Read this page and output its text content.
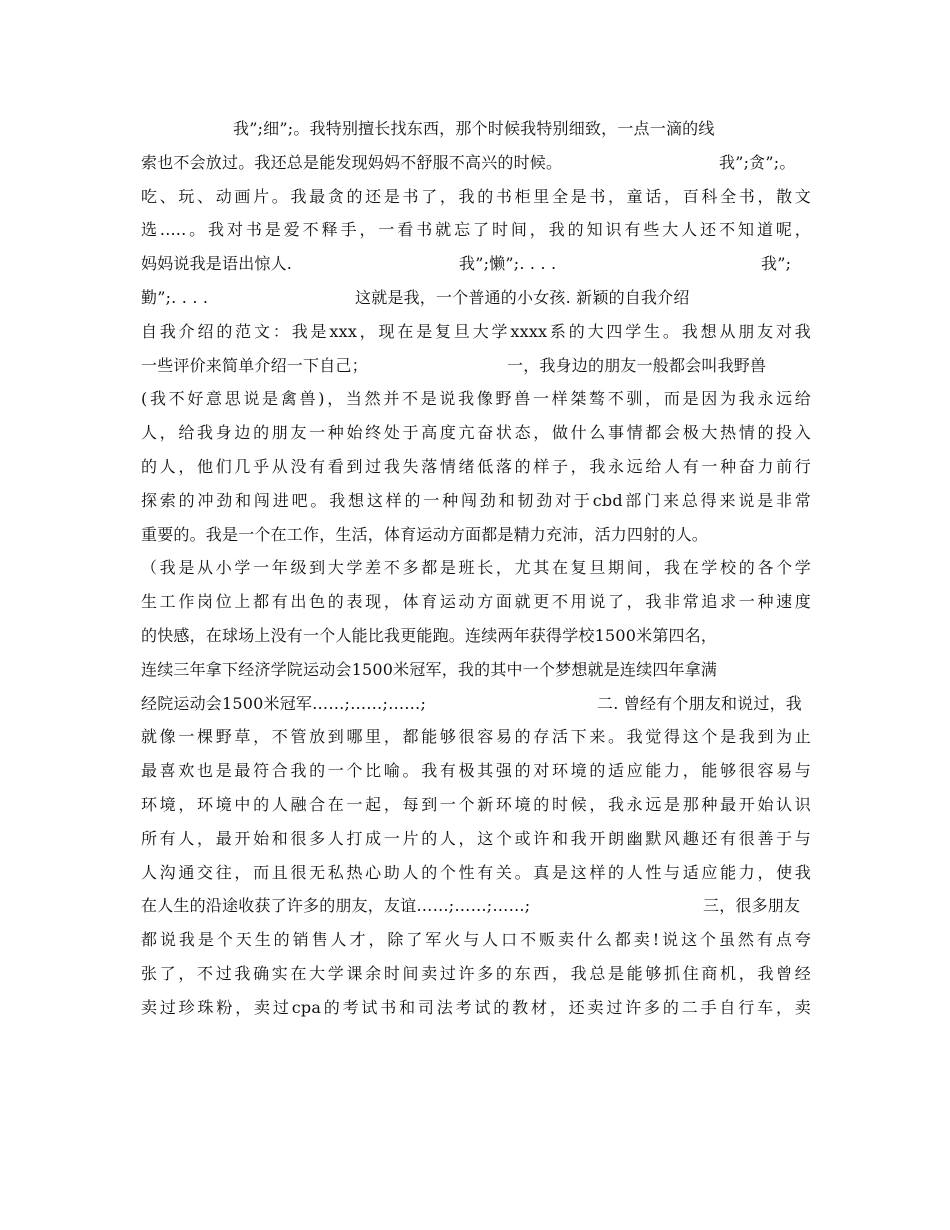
我”;细”;。我特别擅长找东西，那个时候我特别细致，一点一滴的线
索也不会放过。我还总是能发现妈妈不舒服不高兴的时候。	我”;贪”;。
吃、玩、动画片。我最贪的还是书了，我的书柜里全是书，童话，百科全书，散文
选.....。我对书是爱不释手，一看书就忘了时间，我的知识有些大人还不知道呢，
妈妈说我是语出惊人.	我”;懒”;. . . .	我”;
勤”;. . . .	这就是我，一个普通的小女孩. 新颖的自我介绍
自我介绍的范文：我是xxx，现在是复旦大学xxxx系的大四学生。我想从朋友对我
一些评价来简单介绍一下自己；	一，我身边的朋友一般都会叫我野兽
(我不好意思说是禽兽)，当然并不是说我像野兽一样桀骜不驯，而是因为我永远给
人，给我身边的朋友一种始终处于高度亢奋状态，做什么事情都会极大热情的投入
的人，他们几乎从没有看到过我失落情绪低落的样子，我永远给人有一种奋力前行
探索的冲劲和闯进吧。我想这样的一种闯劲和韧劲对于cbd部门来总得来说是非常
重要的。我是一个在工作，生活，体育运动方面都是精力充沛，活力四射的人。
（我是从小学一年级到大学差不多都是班长，尤其在复旦期间，我在学校的各个学
生工作岗位上都有出色的表现，体育运动方面就更不用说了，我非常追求一种速度
的快感，在球场上没有一个人能比我更能跑。连续两年获得学校1500米第四名，
连续三年拿下经济学院运动会1500米冠军，我的其中一个梦想就是连续四年拿满
经院运动会1500米冠军……;……;……;	二. 曾经有个朋友和说过，我
就像一棵野草，不管放到哪里，都能够很容易的存活下来。我觉得这个是我到为止
最喜欢也是最符合我的一个比喻。我有极其强的对环境的适应能力，能够很容易与
环境，环境中的人融合在一起，每到一个新环境的时候，我永远是那种最开始认识
所有人，最开始和很多人打成一片的人，这个或许和我开朗幽默风趣还有很善于与
人沟通交往，而且很无私热心助人的个性有关。真是这样的人性与适应能力，使我
在人生的沿途收获了许多的朋友，友谊……;……;……;	三，很多朋友
都说我是个天生的销售人才，除了军火与人口不贩卖什么都卖!说这个虽然有点夸
张了，不过我确实在大学课余时间卖过许多的东西，我总是能够抓住商机，我曾经
卖过珍珠粉，卖过cpa的考试书和司法考试的教材，还卖过许多的二手自行车，卖
